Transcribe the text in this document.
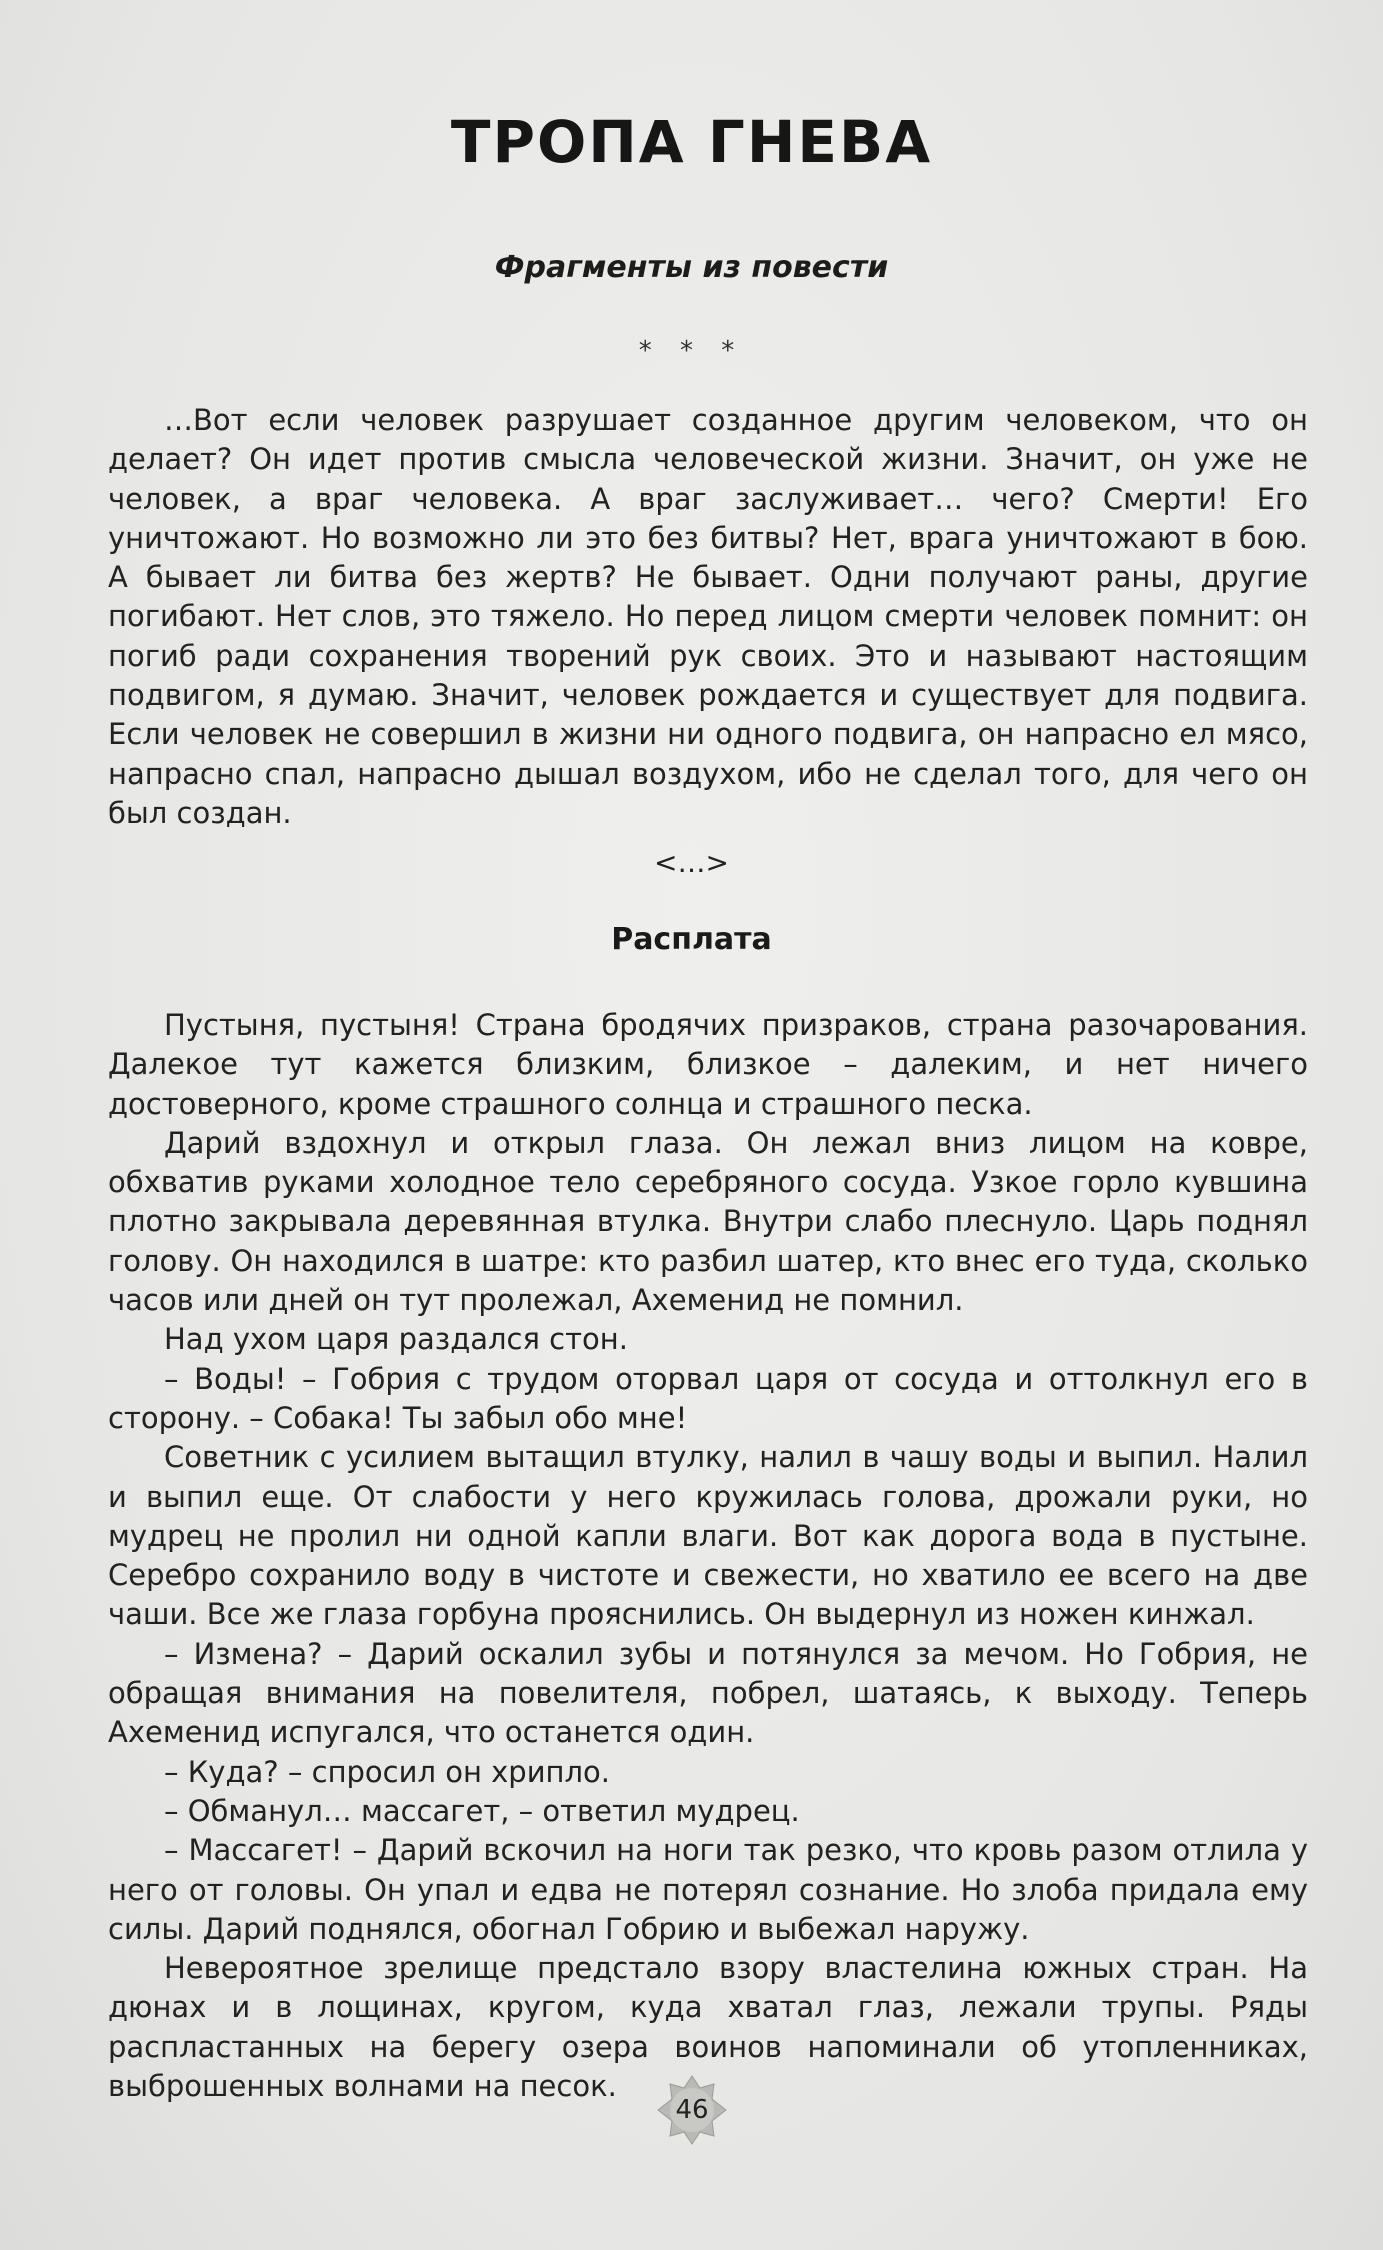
ТРОПА ГНЕВА
Фрагменты из повести
* * *

…Вот если человек разрушает созданное другим человеком, что он делает? Он идет против смысла человеческой жизни. Значит, он уже не человек, а враг человека. А враг заслуживает… чего? Смерти! Его уничтожают. Но возможно ли это без битвы? Нет, врага уничтожают в бою. А бывает ли битва без жертв? Не бывает. Одни получают раны, другие погибают. Нет слов, это тяжело. Но перед лицом смерти человек помнит: он погиб ради сохранения творений рук своих. Это и называют настоящим подвигом, я думаю. Значит, человек рождается и существует для подвига. Если человек не совершил в жизни ни одного подвига, он напрасно ел мясо, напрасно спал, напрасно дышал воздухом, ибо не сделал того, для чего он был создан.

<…>
Расплата

Пустыня, пустыня! Страна бродячих призраков, страна разочарования. Далекое тут кажется близким, близкое – далеким, и нет ничего достоверного, кроме страшного солнца и страшного песка.

Дарий вздохнул и открыл глаза. Он лежал вниз лицом на ковре, обхватив руками холодное тело серебряного сосуда. Узкое горло кувшина плотно закрывала деревянная втулка. Внутри слабо плеснуло. Царь поднял голову. Он находился в шатре: кто разбил шатер, кто внес его туда, сколько часов или дней он тут пролежал, Ахеменид не помнил.

Над ухом царя раздался стон.

– Воды! – Гобрия с трудом оторвал царя от сосуда и оттолкнул его в сторону. – Собака! Ты забыл обо мне!

Советник с усилием вытащил втулку, налил в чашу воды и выпил. Налил и выпил еще. От слабости у него кружилась голова, дрожали руки, но мудрец не пролил ни одной капли влаги. Вот как дорога вода в пустыне. Серебро сохранило воду в чистоте и свежести, но хватило ее всего на две чаши. Все же глаза горбуна прояснились. Он выдернул из ножен кинжал.

– Измена? – Дарий оскалил зубы и потянулся за мечом. Но Гобрия, не обращая внимания на повелителя, побрел, шатаясь, к выходу. Теперь Ахеменид испугался, что останется один.

– Куда? – спросил он хрипло.

– Обманул… массагет, – ответил мудрец.

– Массагет! – Дарий вскочил на ноги так резко, что кровь разом отлила у него от головы. Он упал и едва не потерял сознание. Но злоба придала ему силы. Дарий поднялся, обогнал Гобрию и выбежал наружу.

Невероятное зрелище предстало взору властелина южных стран. На дюнах и в лощинах, кругом, куда хватал глаз, лежали трупы. Ряды распластанных на берегу озера воинов напоминали об утопленниках, выброшенных волнами на песок.

46
